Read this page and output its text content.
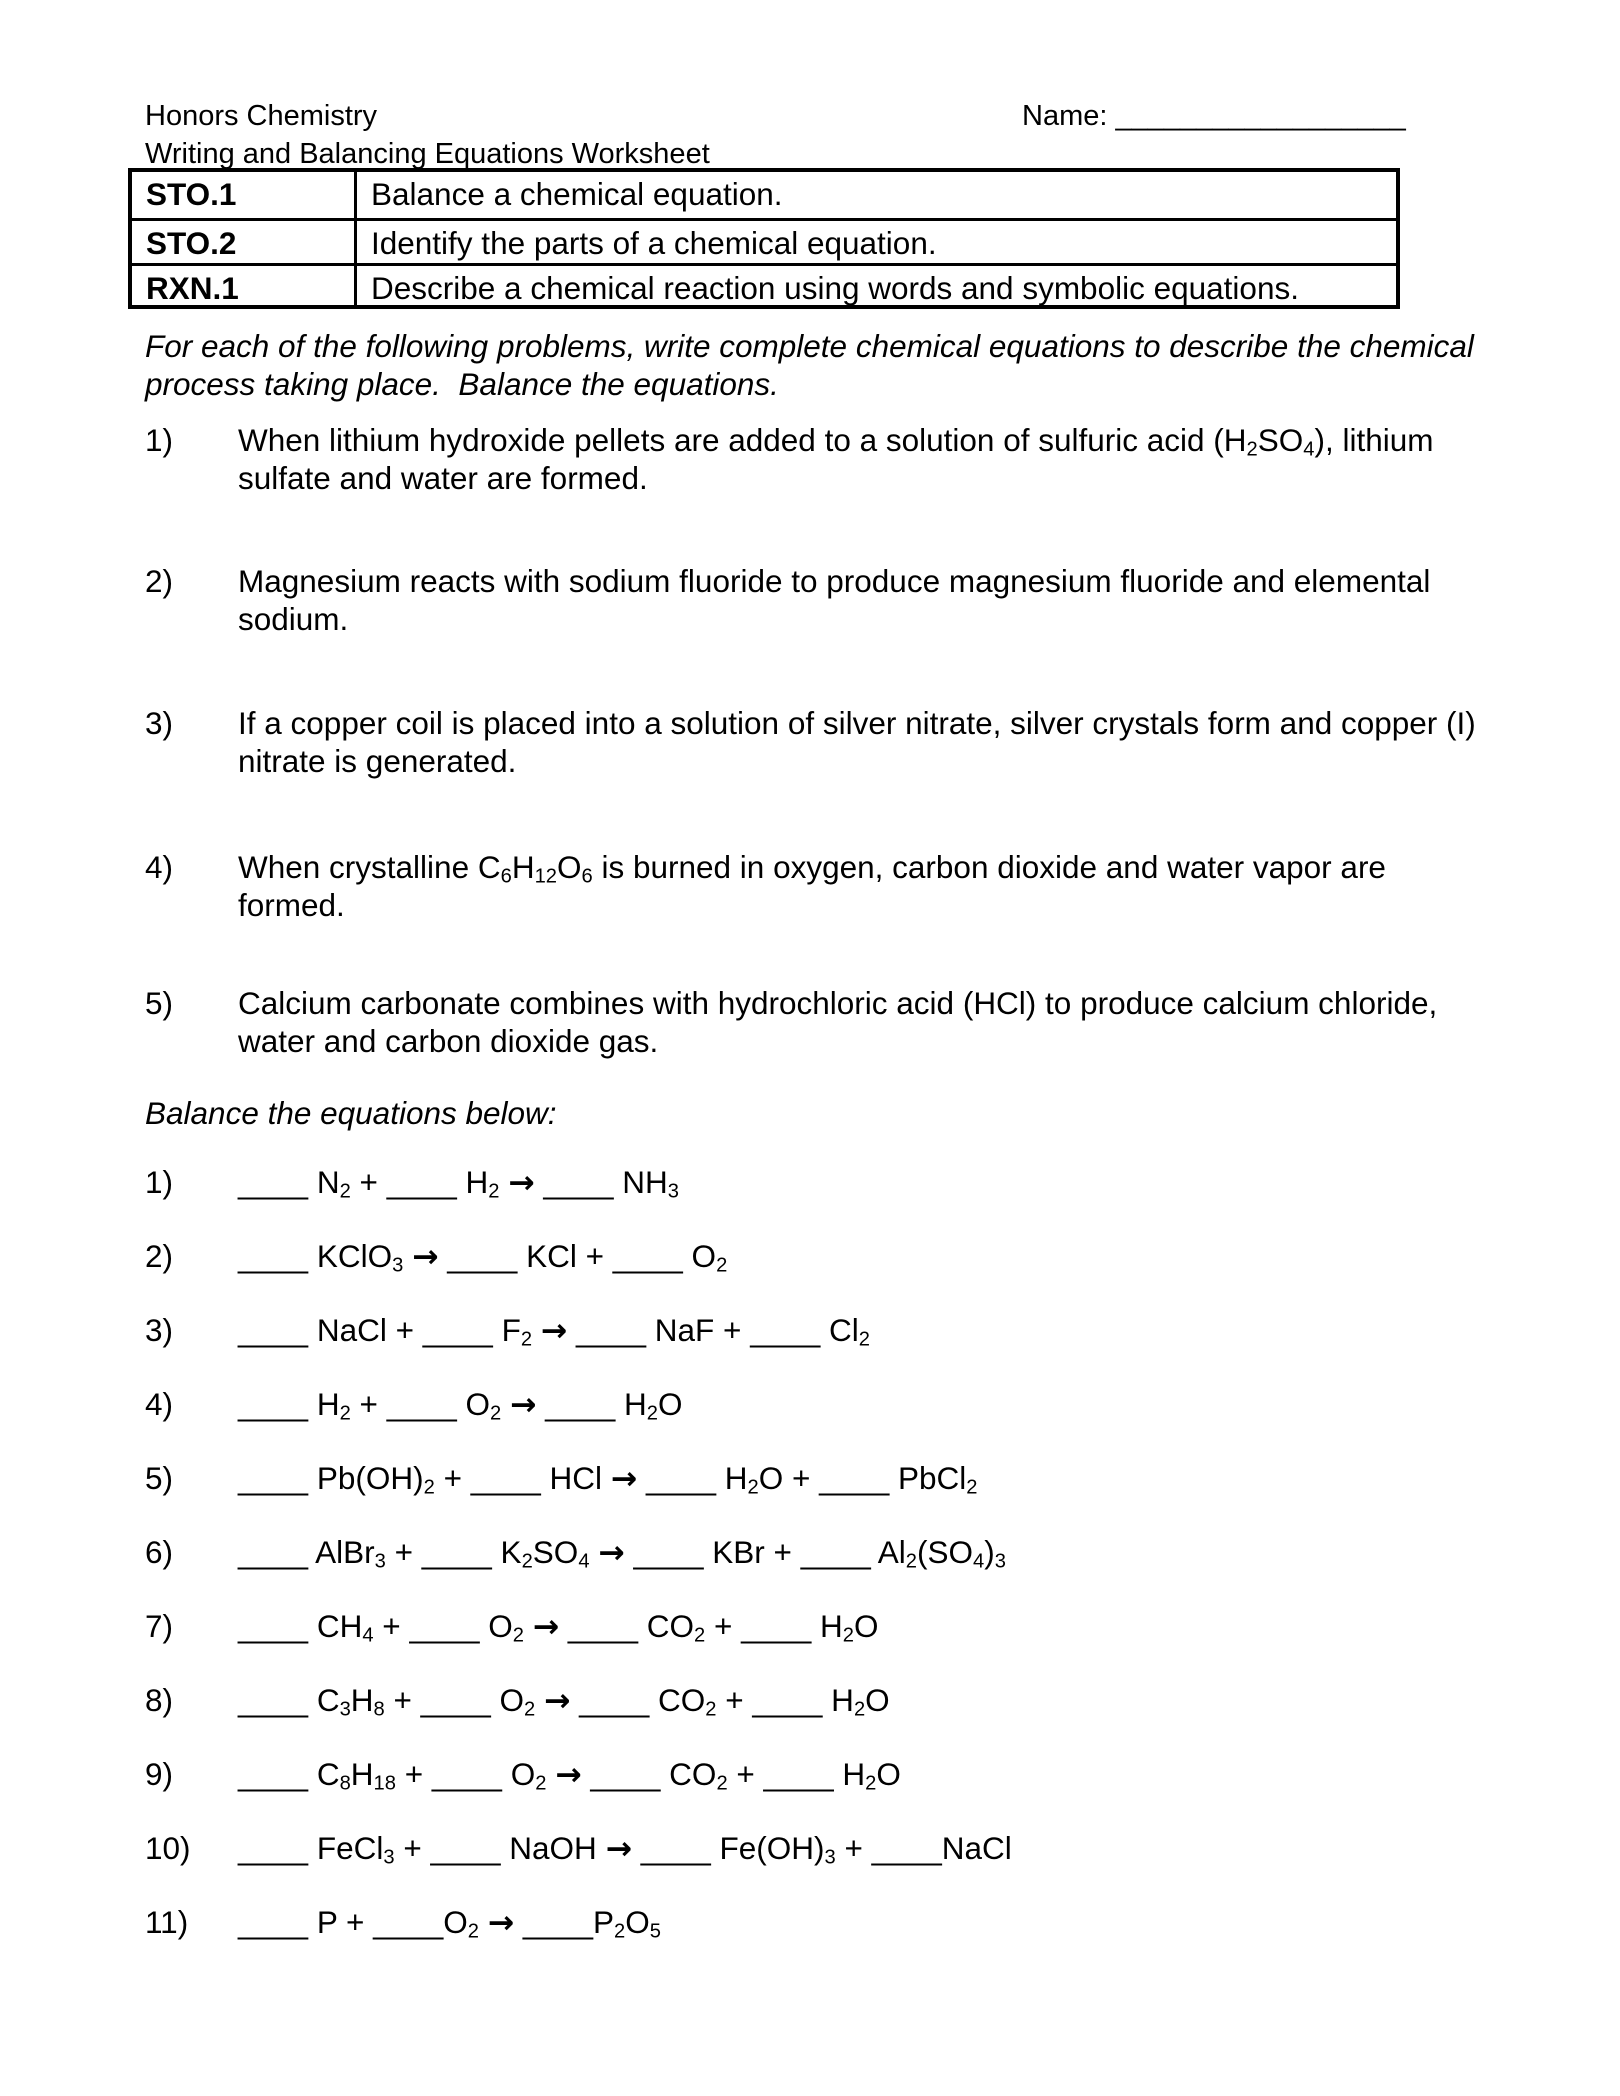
Honors Chemistry	Name: __________________
Writing and Balancing Equations Worksheet
STO.1	Balance a chemical equation.
STO.2	Identify the parts of a chemical equation.
RXN.1	Describe a chemical reaction using words and symbolic equations.
For each of the following problems, write complete chemical equations to describe the chemical process taking place.  Balance the equations.
1)	When lithium hydroxide pellets are added to a solution of sulfuric acid $(H_2SO_4)$, lithium sulfate and water are formed.
2)	Magnesium reacts with sodium fluoride to produce magnesium fluoride and elemental sodium.
3)	If a copper coil is placed into a solution of silver nitrate, silver crystals form and copper (I) nitrate is generated.
4)	When crystalline $C_6H_{12}O_6$ is burned in oxygen, carbon dioxide and water vapor are formed.
5)	Calcium carbonate combines with hydrochloric acid (HCl) to produce calcium chloride, water and carbon dioxide gas.
Balance the equations below:
1)	____ $N_2$ + ____ $H_2$ → ____ $NH_3$
2)	____ KClO$_3$ → ____ KCl + ____ $O_2$
3)	____ NaCl + ____ $F_2$ → ____ NaF + ____ $Cl_2$
4)	____ $H_2$ + ____ $O_2$ → ____ $H_2O$
5)	____ $Pb(OH)_2$ + ____ HCl → ____ $H_2O$ + ____ PbCl$_2$
6)	____ AlBr$_3$ + ____ $K_2SO_4$ → ____ KBr + ____ $Al_2(SO_4)_3$
7)	____ $CH_4$ + ____ $O_2$ → ____ $CO_2$ + ____ $H_2O$
8)	____ $C_3H_8$ + ____ $O_2$ → ____ $CO_2$ + ____ $H_2O$
9)	____ $C_8H_{18}$ + ____ $O_2$ → ____ $CO_2$ + ____ $H_2O$
10)	____ FeCl$_3$ + ____ NaOH → ____ $Fe(OH)_3$ + ____NaCl
11)	____ $P + \_\_\_\_O_2$ → $\_\_\_\_P_2O_5$
